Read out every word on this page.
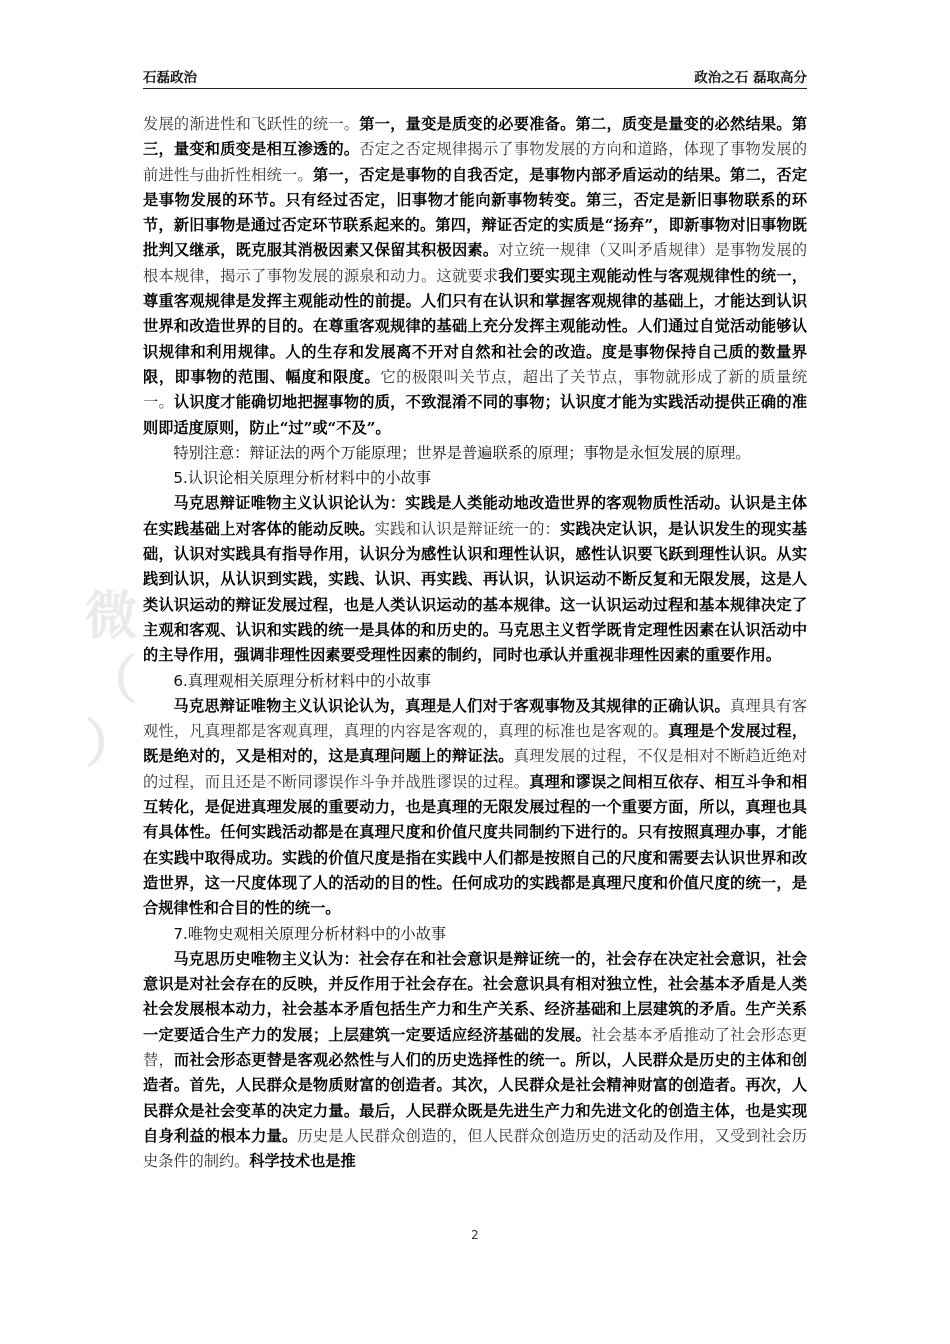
石磊政治	政治之石 磊取高分
微
（
）

发展的渐进性和飞跃性的统一。第一，量变是质变的必要准备。第二，质变是量变的必然结果。第三，量变和质变是相互渗透的。否定之否定规律揭示了事物发展的方向和道路，体现了事物发展的前进性与曲折性相统一。第一，否定是事物的自我否定，是事物内部矛盾运动的结果。第二，否定是事物发展的环节。只有经过否定，旧事物才能向新事物转变。第三，否定是新旧事物联系的环节，新旧事物是通过否定环节联系起来的。第四，辩证否定的实质是“扬弃”，即新事物对旧事物既批判又继承，既克服其消极因素又保留其积极因素。对立统一规律（又叫矛盾规律）是事物发展的根本规律，揭示了事物发展的源泉和动力。这就要求我们要实现主观能动性与客观规律性的统一，尊重客观规律是发挥主观能动性的前提。人们只有在认识和掌握客观规律的基础上，才能达到认识世界和改造世界的目的。在尊重客观规律的基础上充分发挥主观能动性。人们通过自觉活动能够认识规律和利用规律。人的生存和发展离不开对自然和社会的改造。度是事物保持自己质的数量界限，即事物的范围、幅度和限度。它的极限叫关节点，超出了关节点，事物就形成了新的质量统一。认识度才能确切地把握事物的质，不致混淆不同的事物；认识度才能为实践活动提供正确的准则即适度原则，防止“过”或“不及”。

特别注意：辩证法的两个万能原理；世界是普遍联系的原理；事物是永恒发展的原理。

5.认识论相关原理分析材料中的小故事

马克思辩证唯物主义认识论认为：实践是人类能动地改造世界的客观物质性活动。认识是主体在实践基础上对客体的能动反映。实践和认识是辩证统一的：实践决定认识，是认识发生的现实基础，认识对实践具有指导作用，认识分为感性认识和理性认识，感性认识要飞跃到理性认识。从实践到认识，从认识到实践，实践、认识、再实践、再认识，认识运动不断反复和无限发展，这是人类认识运动的辩证发展过程，也是人类认识运动的基本规律。这一认识运动过程和基本规律决定了主观和客观、认识和实践的统一是具体的和历史的。马克思主义哲学既肯定理性因素在认识活动中的主导作用，强调非理性因素要受理性因素的制约，同时也承认并重视非理性因素的重要作用。

6.真理观相关原理分析材料中的小故事

马克思辩证唯物主义认识论认为，真理是人们对于客观事物及其规律的正确认识。真理具有客观性，凡真理都是客观真理，真理的内容是客观的，真理的标准也是客观的。真理是个发展过程，既是绝对的，又是相对的，这是真理问题上的辩证法。真理发展的过程，不仅是相对不断趋近绝对的过程，而且还是不断同谬误作斗争并战胜谬误的过程。真理和谬误之间相互依存、相互斗争和相互转化，是促进真理发展的重要动力，也是真理的无限发展过程的一个重要方面，所以，真理也具有具体性。任何实践活动都是在真理尺度和价值尺度共同制约下进行的。只有按照真理办事，才能在实践中取得成功。实践的价值尺度是指在实践中人们都是按照自己的尺度和需要去认识世界和改造世界，这一尺度体现了人的活动的目的性。任何成功的实践都是真理尺度和价值尺度的统一，是合规律性和合目的性的统一。

7.唯物史观相关原理分析材料中的小故事

马克思历史唯物主义认为：社会存在和社会意识是辩证统一的，社会存在决定社会意识，社会意识是对社会存在的反映，并反作用于社会存在。社会意识具有相对独立性，社会基本矛盾是人类社会发展根本动力，社会基本矛盾包括生产力和生产关系、经济基础和上层建筑的矛盾。生产关系一定要适合生产力的发展；上层建筑一定要适应经济基础的发展。社会基本矛盾推动了社会形态更替，而社会形态更替是客观必然性与人们的历史选择性的统一。所以，人民群众是历史的主体和创造者。首先，人民群众是物质财富的创造者。其次，人民群众是社会精神财富的创造者。再次，人民群众是社会变革的决定力量。最后，人民群众既是先进生产力和先进文化的创造主体，也是实现自身利益的根本力量。历史是人民群众创造的，但人民群众创造历史的活动及作用，又受到社会历史条件的制约。科学技术也是推

2
